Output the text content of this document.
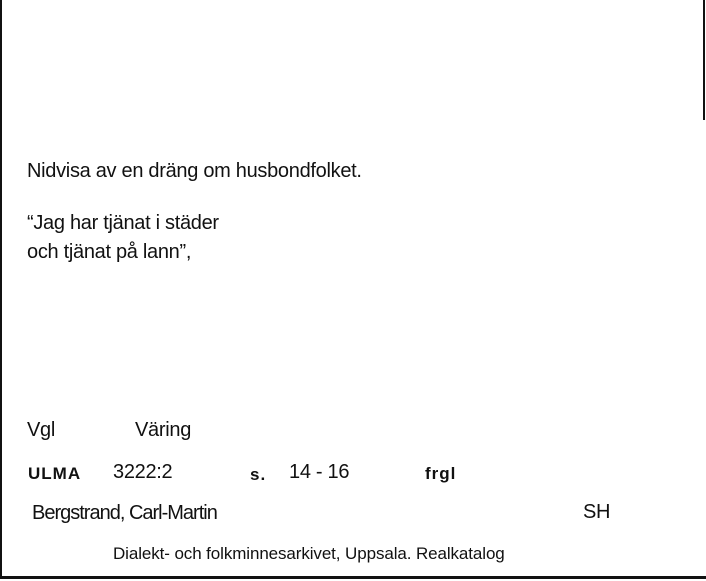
Nidvisa av en dräng om husbondfolket.
“Jag har tjänat i städer
och tjänat på lann”,
Vgl	Väring
ULMA 3222:2	s. 14 - 16	frgl
Bergstrand, Carl-Martin	SH
Dialekt- och folkminnesarkivet, Uppsala. Realkatalog
